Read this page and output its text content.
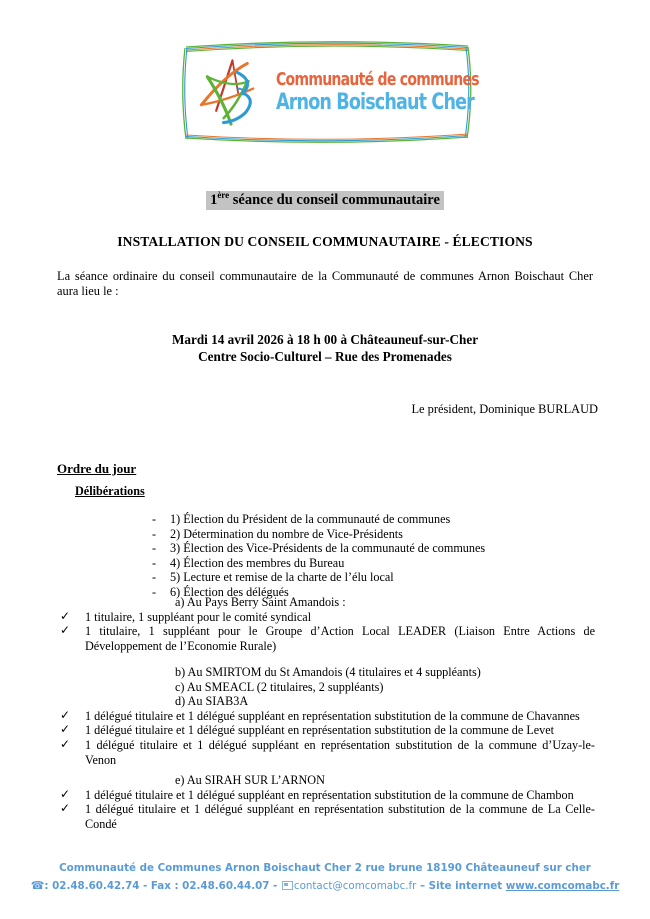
Communauté de communes
Arnon Boischaut Cher
1ère séance du conseil communautaire
INSTALLATION DU CONSEIL COMMUNAUTAIRE - ÉLECTIONS
La séance ordinaire du conseil communautaire de la Communauté de communes Arnon Boischaut Cher aura lieu le :
Mardi 14 avril 2026 à 18 h 00 à Châteauneuf-sur-Cher
Centre Socio-Culturel – Rue des Promenades
Le président, Dominique BURLAUD
Ordre du jour
Délibérations
- 1) Élection du Président de la communauté de communes
- 2) Détermination du nombre de Vice-Présidents
- 3) Élection des Vice-Présidents de la communauté de communes
- 4) Élection des membres du Bureau
- 5) Lecture et remise de la charte de l’élu local
- 6) Élection des délégués
a) Au Pays Berry Saint Amandois :
✓ 1 titulaire, 1 suppléant pour le comité syndical
✓ 1 titulaire, 1 suppléant pour le Groupe d’Action Local LEADER (Liaison Entre Actions de Développement de l’Economie Rurale)
b) Au SMIRTOM du St Amandois (4 titulaires et 4 suppléants)
c) Au SMEACL (2 titulaires, 2 suppléants)
d) Au SIAB3A
✓ 1 délégué titulaire et 1 délégué suppléant en représentation substitution de la commune de Chavannes
✓ 1 délégué titulaire et 1 délégué suppléant en représentation substitution de la commune de Levet
✓ 1 délégué titulaire et 1 délégué suppléant en représentation substitution de la commune d’Uzay-le-Venon
e) Au SIRAH SUR L’ARNON
✓ 1 délégué titulaire et 1 délégué suppléant en représentation substitution de la commune de Chambon
✓ 1 délégué titulaire et 1 délégué suppléant en représentation substitution de la commune de La Celle-Condé
Communauté de Communes Arnon Boischaut Cher 2 rue brune 18190 Châteauneuf sur cher
☎: 02.48.60.42.74 - Fax : 02.48.60.44.07 - contact@comcomabc.fr – Site internet www.comcomabc.fr
